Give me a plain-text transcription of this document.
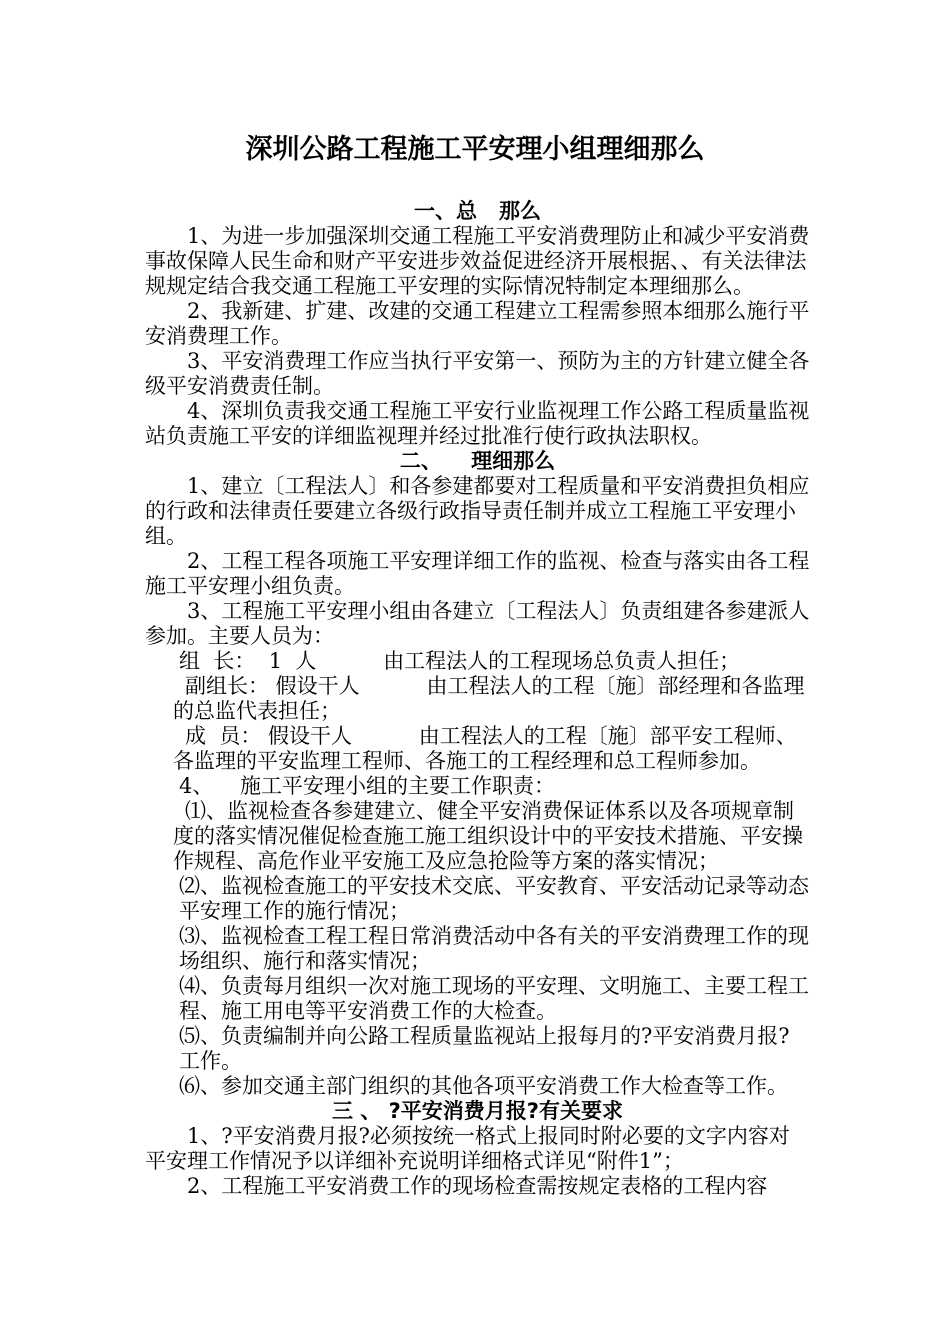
深圳公路工程施工平安理小组理细那么

一、总   那么

1、为进一步加强深圳交通工程施工平安消费理防止和减少平安消费事故保障人民生命和财产平安进步效益促进经济开展根据、、有关法律法规规定结合我交通工程施工平安理的实际情况特制定本理细那么。

2、我新建、扩建、改建的交通工程建立工程需参照本细那么施行平安消费理工作。

3、平安消费理工作应当执行平安第一、预防为主的方针建立健全各级平安消费责任制。

4、深圳负责我交通工程施工平安行业监视理工作公路工程质量监视站负责施工平安的详细监视理并经过批准行使行政执法职权。

二、    理细那么

1、建立〔工程法人〕和各参建都要对工程质量和平安消费担负相应的行政和法律责任要建立各级行政指导责任制并成立工程施工平安理小组。

2、工程工程各项施工平安理详细工作的监视、检查与落实由各工程施工平安理小组负责。

3、工程施工平安理小组由各建立〔工程法人〕负责组建各参建派人参加。主要人员为：

组  长：  1  人	由工程法人的工程现场总负责人担任；

副组长： 假设干人	由工程法人的工程〔施〕部经理和各监理的总监代表担任；

成  员： 假设干人	由工程法人的工程〔施〕部平安工程师、各监理的平安监理工程师、各施工的工程经理和总工程师参加。

4、    施工平安理小组的主要工作职责：

⑴、监视检查各参建建立、健全平安消费保证体系以及各项规章制度的落实情况催促检查施工施工组织设计中的平安技术措施、平安操作规程、高危作业平安施工及应急抢险等方案的落实情况；

⑵、监视检查施工的平安技术交底、平安教育、平安活动记录等动态平安理工作的施行情况；

⑶、监视检查工程工程日常消费活动中各有关的平安消费理工作的现场组织、施行和落实情况；

⑷、负责每月组织一次对施工现场的平安理、文明施工、主要工程工程、施工用电等平安消费工作的大检查。

⑸、负责编制并向公路工程质量监视站上报每月的?平安消费月报?工作。

⑹、参加交通主部门组织的其他各项平安消费工作大检查等工作。

三 、 ?平安消费月报?有关要求

1、?平安消费月报?必须按统一格式上报同时附必要的文字内容对平安理工作情况予以详细补充说明详细格式详见“附件1”；

2、工程施工平安消费工作的现场检查需按规定表格的工程内容
